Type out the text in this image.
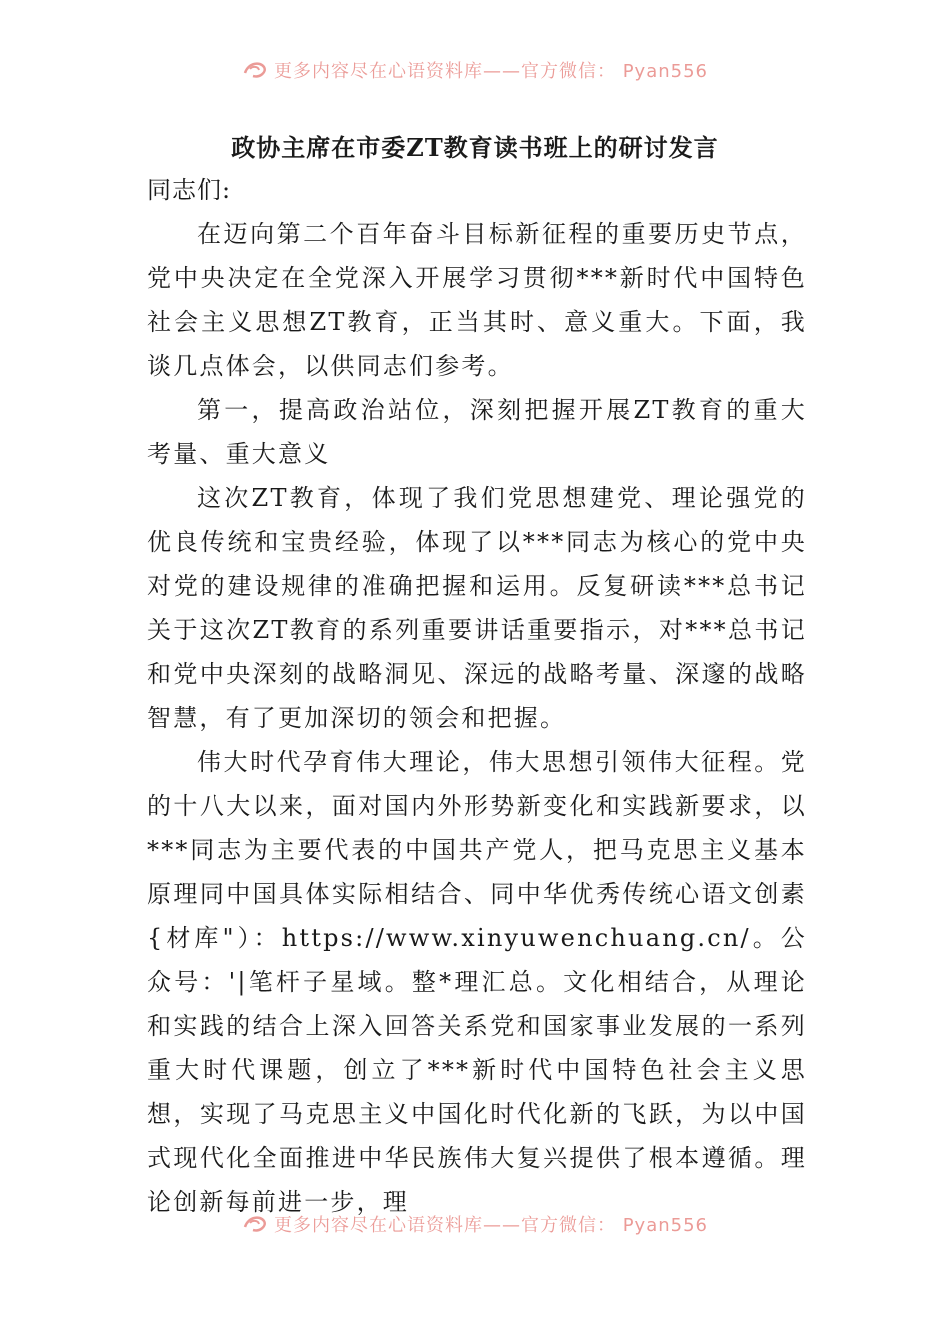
更多内容尽在心语资料库——官方微信： Pyan556
政协主席在市委ZT教育读书班上的研讨发言

同志们:

在迈向第二个百年奋斗目标新征程的重要历史节点，党中央决定在全党深入开展学习贯彻***新时代中国特色社会主义思想ZT教育，正当其时、意义重大。下面，我谈几点体会，以供同志们参考。

第一，提高政治站位，深刻把握开展ZT教育的重大考量、重大意义

这次ZT教育，体现了我们党思想建党、理论强党的优良传统和宝贵经验，体现了以***同志为核心的党中央对党的建设规律的准确把握和运用。反复研读***总书记关于这次ZT教育的系列重要讲话重要指示，对***总书记和党中央深刻的战略洞见、深远的战略考量、深邃的战略智慧，有了更加深切的领会和把握。

伟大时代孕育伟大理论，伟大思想引领伟大征程。党的十八大以来，面对国内外形势新变化和实践新要求，以***同志为主要代表的中国共产党人，把马克思主义基本原理同中国具体实际相结合、同中华优秀传统心语文创素{材库"）：https://www.xinyuwenchuang.cn/。公众号：'|笔杆子星域。整*理汇总。文化相结合，从理论和实践的结合上深入回答关系党和国家事业发展的一系列重大时代课题，创立了***新时代中国特色社会主义思想，实现了马克思主义中国化时代化新的飞跃，为以中国式现代化全面推进中华民族伟大复兴提供了根本遵循。理论创新每前进一步，理

更多内容尽在心语资料库——官方微信： Pyan556
